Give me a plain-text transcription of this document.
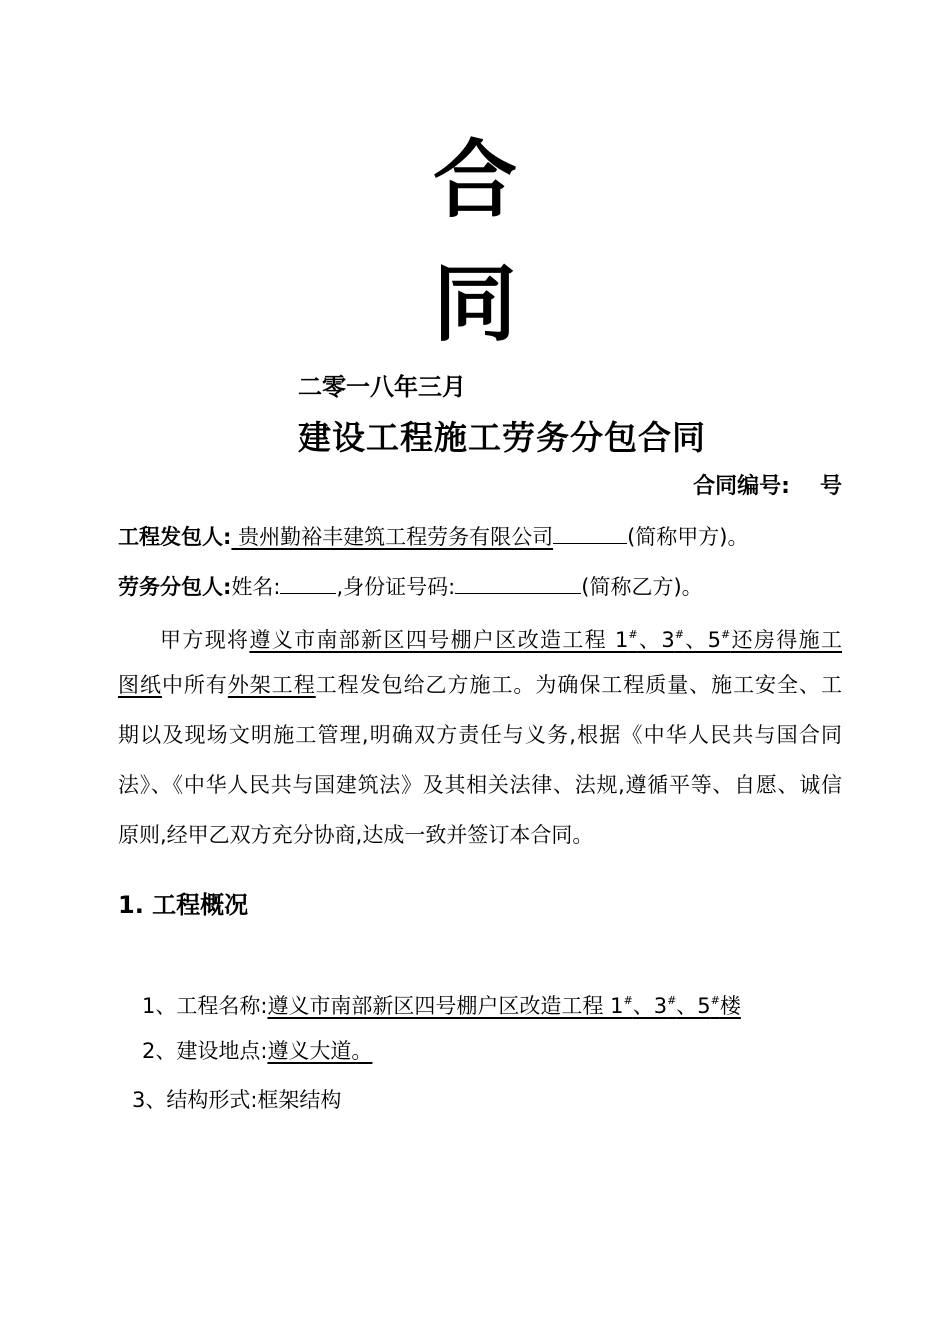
合
同
二零一八年三月
建设工程施工劳务分包合同
合同编号: 号
工程发包人: 贵州勤裕丰建筑工程劳务有限公司	(简称甲方)。
劳务分包人:姓名:	,身份证号码:	(简称乙方)。
甲方现将遵义市南部新区四号棚户区改造工程 1#、3#、5#还房得施工
图纸中所有外架工程工程发包给乙方施工。为确保工程质量、施工安全、工
期以及现场文明施工管理,明确双方责任与义务,根据《中华人民共与国合同
法》、《中华人民共与国建筑法》及其相关法律、法规,遵循平等、自愿、诚信
原则,经甲乙双方充分协商,达成一致并签订本合同。
1. 工程概况
1、工程名称:遵义市南部新区四号棚户区改造工程 1#、3#、5#楼
2、建设地点:遵义大道。
3、结构形式:框架结构
